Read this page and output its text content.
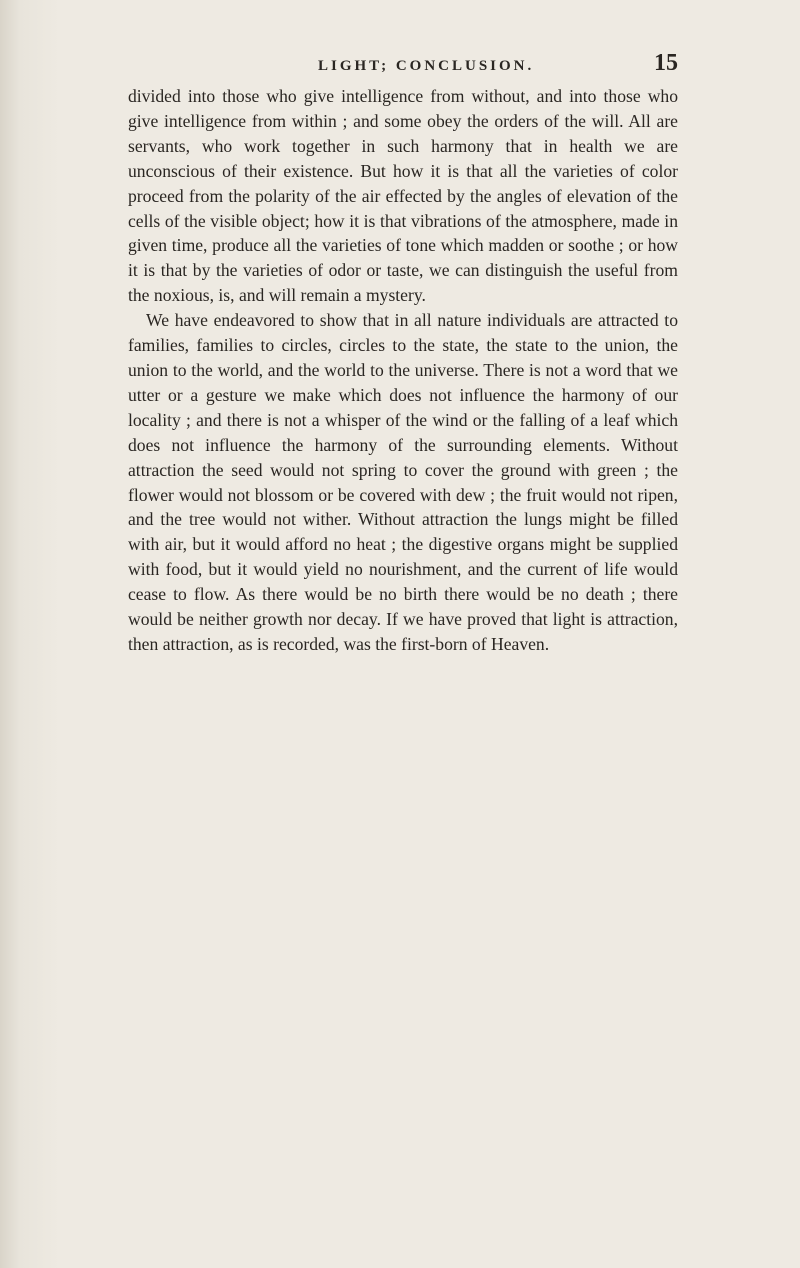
LIGHT; CONCLUSION.	15

divided into those who give intelligence from without, and into those who give intelligence from within ; and some obey the orders of the will. All are servants, who work together in such harmony that in health we are unconscious of their existence. But how it is that all the varieties of color proceed from the polarity of the air effected by the angles of elevation of the cells of the visible object; how it is that vibrations of the atmosphere, made in given time, produce all the varieties of tone which madden or soothe ; or how it is that by the varieties of odor or taste, we can distinguish the useful from the noxious, is, and will remain a mystery.

We have endeavored to show that in all nature individuals are attracted to families, families to circles, circles to the state, the state to the union, the union to the world, and the world to the universe. There is not a word that we utter or a gesture we make which does not influence the harmony of our locality ; and there is not a whisper of the wind or the falling of a leaf which does not influence the harmony of the surrounding elements. Without attraction the seed would not spring to cover the ground with green ; the flower would not blossom or be covered with dew ; the fruit would not ripen, and the tree would not wither. Without attraction the lungs might be filled with air, but it would afford no heat ; the digestive organs might be supplied with food, but it would yield no nourishment, and the current of life would cease to flow. As there would be no birth there would be no death ; there would be neither growth nor decay. If we have proved that light is attraction, then attraction, as is recorded, was the first-born of Heaven.
